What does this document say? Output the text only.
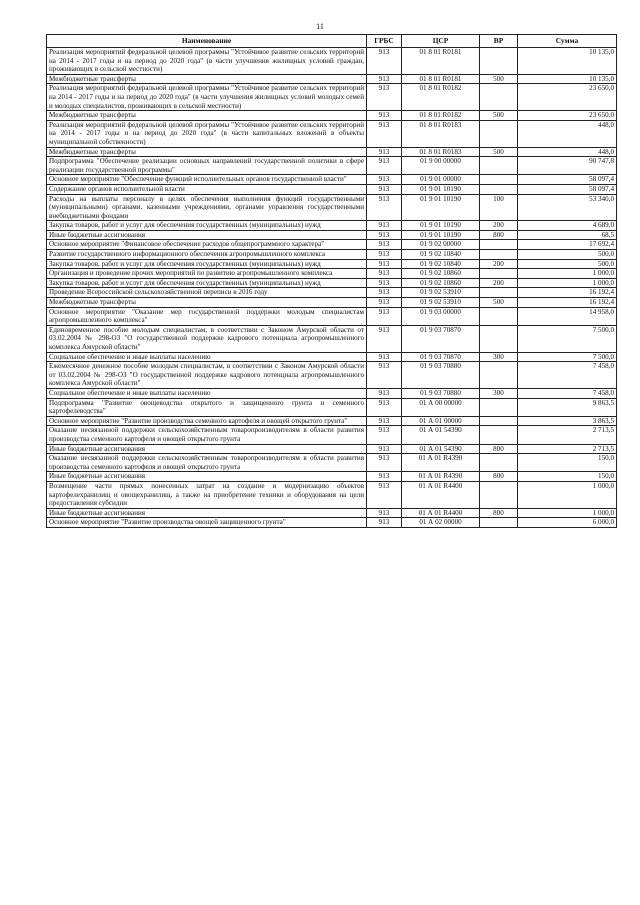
11
Наименование	ГРБС	ЦСР	ВР	Сумма
Реализация мероприятий федеральной целевой программы "Устойчивое развитие сельских территорий на 2014 - 2017 годы и на период до 2020 года" (в части улучшения жилищных условий граждан, проживающих в сельской местности)	913	01 8 01 R0181		10 135,0
Межбюджетные трансферты	913	01 8 01 R0181	500	10 135,0
Реализация мероприятий федеральной целевой программы "Устойчивое развитие сельских территорий на 2014 - 2017 годы и на период до 2020 года" (в части улучшения жилищных условий молодых семей и молодых специалистов, проживающих в сельской местности)	913	01 8 01 R0182		23 650,0
Межбюджетные трансферты	913	01 8 01 R0182	500	23 650,0
Реализация мероприятий федеральной целевой программы "Устойчивое развитие сельских территорий на 2014 - 2017 годы и на период до 2020 года" (в части капитальных вложений в объекты муниципальной собственности)	913	01 8 01 R0183		448,0
Межбюджетные трансферты	913	01 8 01 R0183	500	448,0
Подпрограмма "Обеспечение реализации основных направлений государственной политики в сфере реализации государственной программы"	913	01 9 00 00000		90 747,8
Основное мероприятие "Обеспечение функций исполнительных органов государственной власти"	913	01 9 01 00000		58 097,4
Содержание органов исполнительной власти	913	01 9 01 10190		58 097,4
Расходы на выплаты персоналу в целях обеспечения выполнения функций государственными (муниципальными) органами, казенными учреждениями, органами управления государственными внебюджетными фондами	913	01 9 01 10190	100	53 340,0
Закупка товаров, работ и услуг для обеспечения государственных (муниципальных) нужд	913	01 9 01 10190	200	4 689,0
Иные бюджетные ассигнования	913	01 9 01 10190	800	68,5
Основное мероприятие "Финансовое обеспечение расходов общепрограммного характера"	913	01 9 02 00000		17 692,4
Развитие государственного информационного обеспечения агропромышленного комплекса	913	01 9 02 10840		500,0
Закупка товаров, работ и услуг для обеспечения государственных (муниципальных) нужд	913	01 9 02 10840	200	500,0
Организация и проведение прочих мероприятий по развитию агропромышленного комплекса	913	01 9 02 10860		1 000,0
Закупка товаров, работ и услуг для обеспечения государственных (муниципальных) нужд	913	01 9 02 10860	200	1 000,0
Проведение Всероссийской сельскохозяйственной переписи в 2016 году	913	01 9 02 53910		16 192,4
Межбюджетные трансферты	913	01 9 02 53910	500	16 192,4
Основное мероприятие "Оказание мер государственной поддержки молодым специалистам агропромышленного комплекса"	913	01 9 03 00000		14 958,0
Единовременное пособие молодым специалистам, в соответствии с Законом Амурской области от 03.02.2004 № 298-ОЗ "О государственной поддержке кадрового потенциала агропромышленного комплекса Амурской области"	913	01 9 03 70870		7 500,0
Социальное обеспечение и иные выплаты населению	913	01 9 03 70870	300	7 500,0
Ежемесячное денежное пособие молодым специалистам, в соответствии с Законом Амурской области от 03.02.2004 № 298-ОЗ "О государственной поддержке кадрового потенциала агропромышленного комплекса Амурской области"	913	01 9 03 70880		7 458,0
Социальное обеспечение и иные выплаты населению	913	01 9 03 70880	300	7 458,0
Подпрограмма "Развитие овощеводства открытого и защищенного грунта и семенного картофелеводства"	913	01 А 00 00000		9 863,5
Основное мероприятие "Развитие производства семенного картофеля и овощей открытого грунта"	913	01 А 01 00000		3 863,5
Оказание несвязанной поддержки сельскохозяйственным товаропроизводителям в области развития производства семенного картофеля и овощей открытого грунта	913	01 А 01 54390		2 713,5
Иные бюджетные ассигнования	913	01 А 01 54390	800	2 713,5
Оказание несвязанной поддержки сельскохозяйственным товаропроизводителям в области развития производства семенного картофеля и овощей открытого грунта	913	01 А 01 R4390		150,0
Иные бюджетные ассигнования	913	01 А 01 R4390	800	150,0
Возмещение части прямых понесенных затрат на создание и модернизацию объектов картофелехранилищ и овощехранилищ, а также на приобретение техники и оборудования на цели предоставления субсидии	913	01 А 01 R4400		1 000,0
Иные бюджетные ассигнования	913	01 А 01 R4400	800	1 000,0
Основное мероприятие "Развитие производства овощей защищенного грунта"	913	01 А 02 00000		6 000,0
